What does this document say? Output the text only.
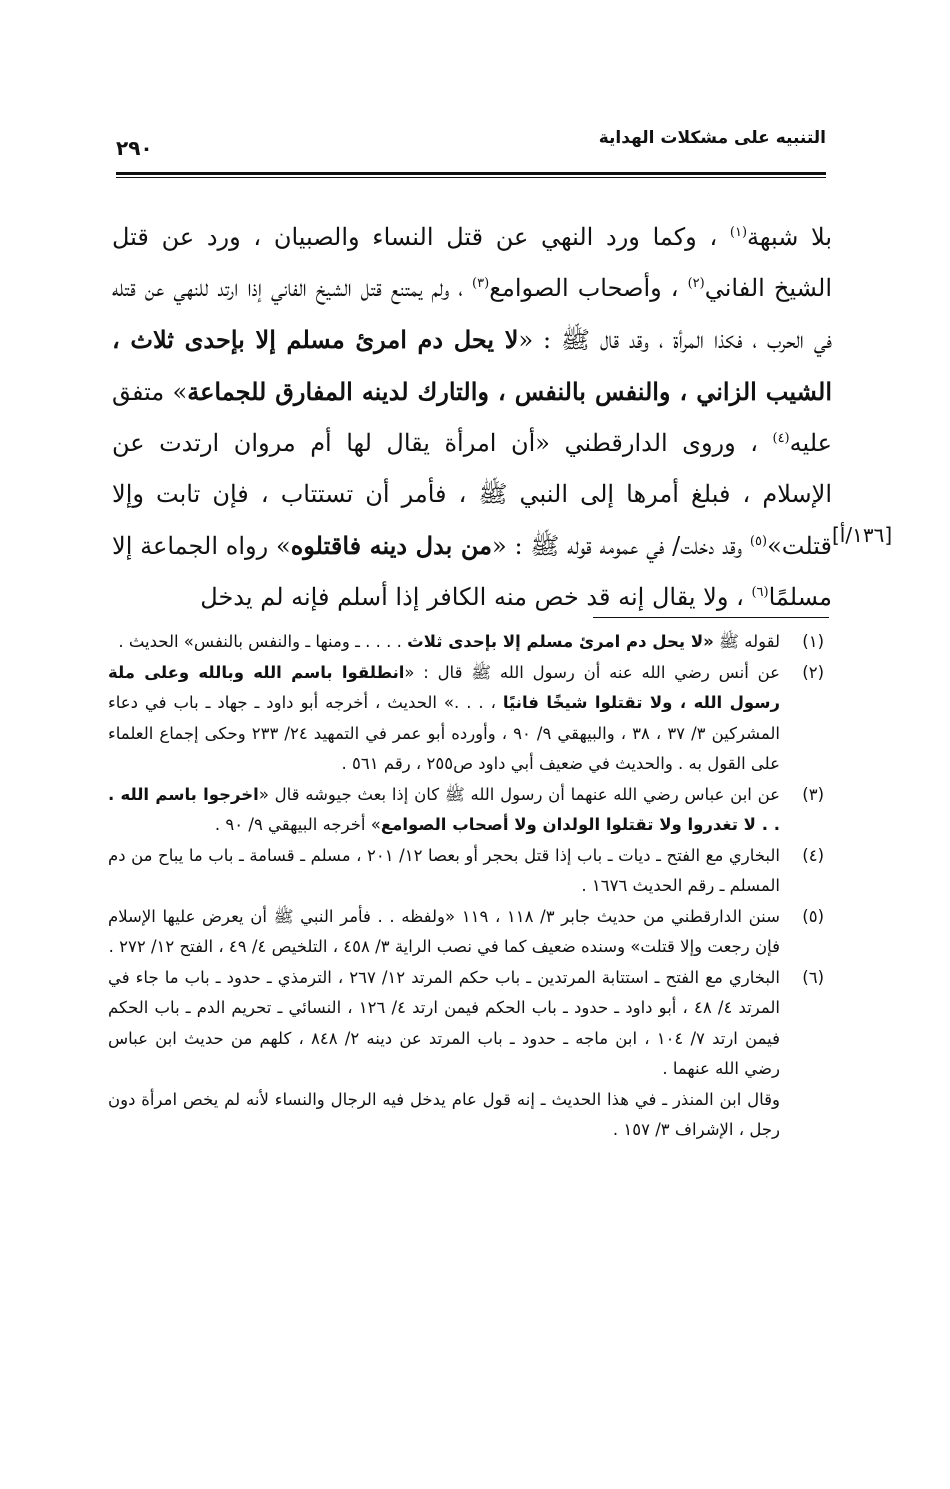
التنبيه على مشكلات الهداية
٢٩٠

بلا شبهة$^{(١)}$ ، وكما ورد النهي عن قتل النساء والصبيان ، ورد عن قتل الشيخ الفاني$^{(٢)}$ ، وأصحاب الصوامع$^{(٣)}$ ، ولم يمتنع قتل الشيخ الفاني إذا ارتد للنهي عن قتله في الحرب ، فكذا المرأة ، وقد قال ﷺ : «لا يحل دم امرئ مسلم إلا بإحدى ثلاث ، الشيب الزاني ، والنفس بالنفس ، والتارك لدينه المفارق للجماعة» متفق عليه$^{(٤)}$ ، وروى الدارقطني «أن امرأة يقال لها أم مروان ارتدت عن الإسلام ، فبلغ أمرها إلى النبي ﷺ ، فأمر أن تستتاب ، فإن تابت وإلا قتلت»$^{(٥)}$ وقد دخلت/ في عمومه قوله ﷺ : «من بدل دينه فاقتلوه» رواه الجماعة إلا مسلمًا$^{(٦)}$ ، ولا يقال إنه قد خص منه الكافر إذا أسلم فإنه لم يدخل

[١٣٦/أ]

(١)
لقوله ﷺ «لا يحل دم امرئ مسلم إلا بإحدى ثلاث . . . . ـ ومنها ـ والنفس بالنفس» الحديث .

(٢)
عن أنس رضي الله عنه أن رسول الله ﷺ قال : «انطلقوا باسم الله وبالله وعلى ملة رسول الله ، ولا تقتلوا شيخًا فانيًا ، . . .» الحديث ، أخرجه أبو داود ـ جهاد ـ باب في دعاء المشركين ٣/ ٣٧ ، ٣٨ ، والبيهقي ٩/ ٩٠ ، وأورده أبو عمر في التمهيد ٢٤/ ٢٣٣ وحكى إجماع العلماء على القول به . والحديث في ضعيف أبي داود ص٢٥٥ ، رقم ٥٦١ .

(٣)
عن ابن عباس رضي الله عنهما أن رسول الله ﷺ كان إذا بعث جيوشه قال «اخرجوا باسم الله . . . لا تغدروا ولا تقتلوا الولدان ولا أصحاب الصوامع» أخرجه البيهقي ٩/ ٩٠ .

(٤)
البخاري مع الفتح ـ ديات ـ باب إذا قتل بحجر أو بعصا ١٢/ ٢٠١ ، مسلم ـ قسامة ـ باب ما يباح من دم المسلم ـ رقم الحديث ١٦٧٦ .

(٥)
سنن الدارقطني من حديث جابر ٣/ ١١٨ ، ١١٩ «ولفظه . . فأمر النبي ﷺ أن يعرض عليها الإسلام فإن رجعت وإلا قتلت» وسنده ضعيف كما في نصب الراية ٣/ ٤٥٨ ، التلخيص ٤/ ٤٩ ، الفتح ١٢/ ٢٧٢ .

(٦)
البخاري مع الفتح ـ استتابة المرتدين ـ باب حكم المرتد ١٢/ ٢٦٧ ، الترمذي ـ حدود ـ باب ما جاء في المرتد ٤/ ٤٨ ، أبو داود ـ حدود ـ باب الحكم فيمن ارتد ٤/ ١٢٦ ، النسائي ـ تحريم الدم ـ باب الحكم فيمن ارتد ٧/ ١٠٤ ، ابن ماجه ـ حدود ـ باب المرتد عن دينه ٢/ ٨٤٨ ، كلهم من حديث ابن عباس رضي الله عنهما .

وقال ابن المنذر ـ في هذا الحديث ـ إنه قول عام يدخل فيه الرجال والنساء لأنه لم يخص امرأة دون رجل ، الإشراف ٣/ ١٥٧ .
